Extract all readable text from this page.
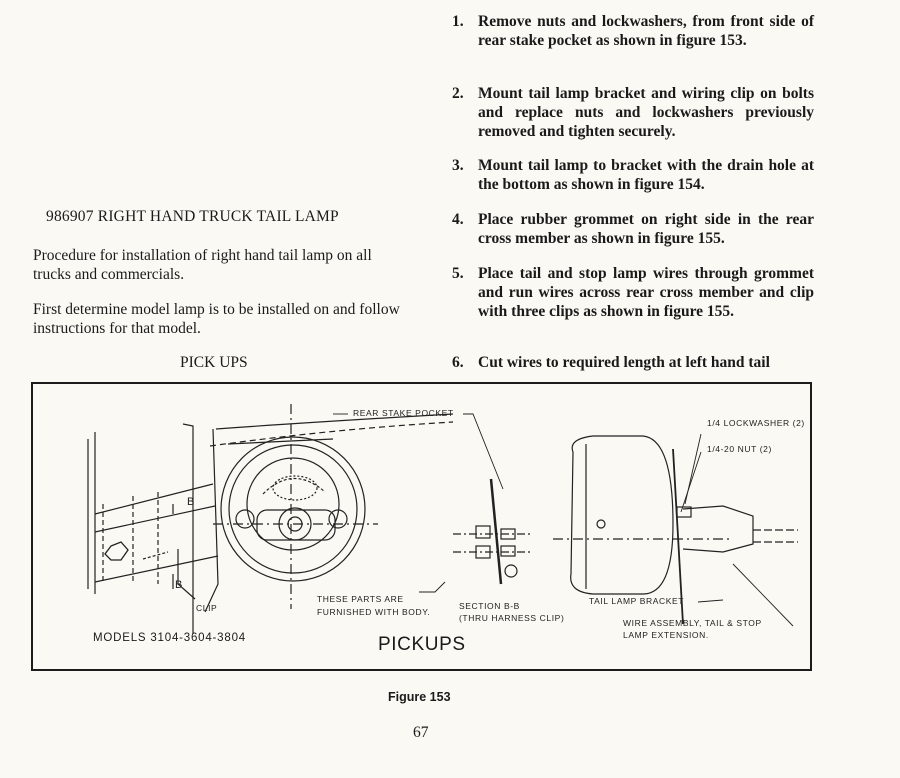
986907 RIGHT HAND TRUCK TAIL LAMP
Procedure for installation of right hand tail lamp on all trucks and commercials.
First determine model lamp is to be installed on and follow instructions for that model.
PICK UPS
1. Remove nuts and lockwashers, from front side of rear stake pocket as shown in figure 153.
2. Mount tail lamp bracket and wiring clip on bolts and replace nuts and lockwashers previously removed and tighten securely.
3. Mount tail lamp to bracket with the drain hole at the bottom as shown in figure 154.
4. Place rubber grommet on right side in the rear cross member as shown in figure 155.
5. Place tail and stop lamp wires through grommet and run wires across rear cross member and clip with three clips as shown in figure 155.
6. Cut wires to required length at left hand tail
REAR STAKE POCKET
1/4 LOCKWASHER (2)
1/4-20 NUT (2)
B
B
CLIP
THESE PARTS ARE
FURNISHED WITH BODY.
SECTION B-B
(THRU HARNESS CLIP)
TAIL LAMP BRACKET
WIRE ASSEMBLY, TAIL & STOP
LAMP EXTENSION.
MODELS 3104-3604-3804	PICKUPS
Figure 153
67
